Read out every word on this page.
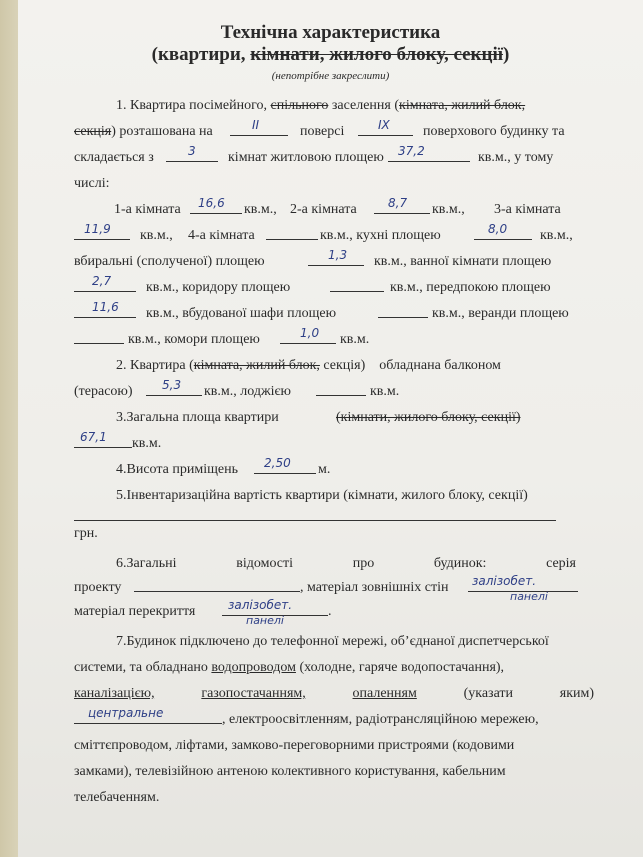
Технічна характеристика
(квартири, кімнати, жилого блоку, секції)
(непотрібне закреслити)
1. Квартира посімейного, спільного заселення (кімната, жилий блок,
секція) розташована на	ІІ	поверсі	ІХ поверхового будинку та
складається з	3 кімнат житловою площею 37,2	кв.м., у тому
числі:
1-а кімната 16,6 кв.м., 2-а кімната	8,7 кв.м., 3-а кімната
11,9 кв.м., 4-а кімната	кв.м., кухні площею	8,0 кв.м.,
вбиральні (сполученої) площею	1,3 кв.м., ванної кімнати площею
2,7 кв.м., коридору площею	кв.м., передпокою площею
11,6 кв.м., вбудованої шафи площею	кв.м., веранди площею
кв.м., комори площею	1,0 кв.м.
2. Квартира (кімната, жилий блок, секція) обладнана балконом
(терасою) 5,3 кв.м., лоджією	кв.м.
3.Загальна площа квартири	(кімнати, жилого блоку, секції)
67,1 кв.м.
4.Висота приміщень 2,50 м.
5.Інвентаризаційна вартість квартири (кімнати, жилого блоку, секції)
грн.
6.Загальні	відомості	про	будинок:	серія
проекту	, матеріал зовнішніх стін залізобет.
панелі
матеріал перекриття	залізобет.
панелі
.
7.Будинок підключено до телефонної мережі, об’єднаної диспетчерської
системи, та обладнано водопроводом (холодне, гаряче водопостачання),
каналізацією,	газопостачанням,	опаленням	(указати яким)
центральне	, електроосвітленням, радіотрансляційною мережею,
сміттєпроводом, ліфтами, замково-переговорними пристроями (кодовими
замками), телевізійною антеною колективного користування, кабельним
телебаченням.
